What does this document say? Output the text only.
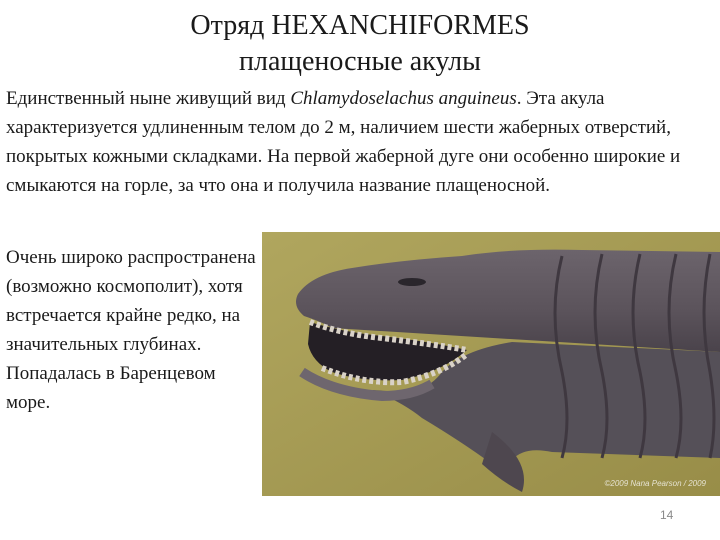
Отряд HEXANCHIFORMES
плащеносные акулы

Единственный ныне живущий вид Chlamydoselachus anguineus. Эта акула характеризуется удлиненным телом до 2 м, наличием шести жаберных отверстий, покрытых кожными складками. На первой жаберной дуге они особенно широкие и смыкаются на горле, за что она и получила название плащеносной.

Очень широко распространена (возможно космополит), хотя встречается крайне редко, на значительных глубинах. Попадалась в Баренцевом море.

©2009 Nana Pearson / 2009
14
